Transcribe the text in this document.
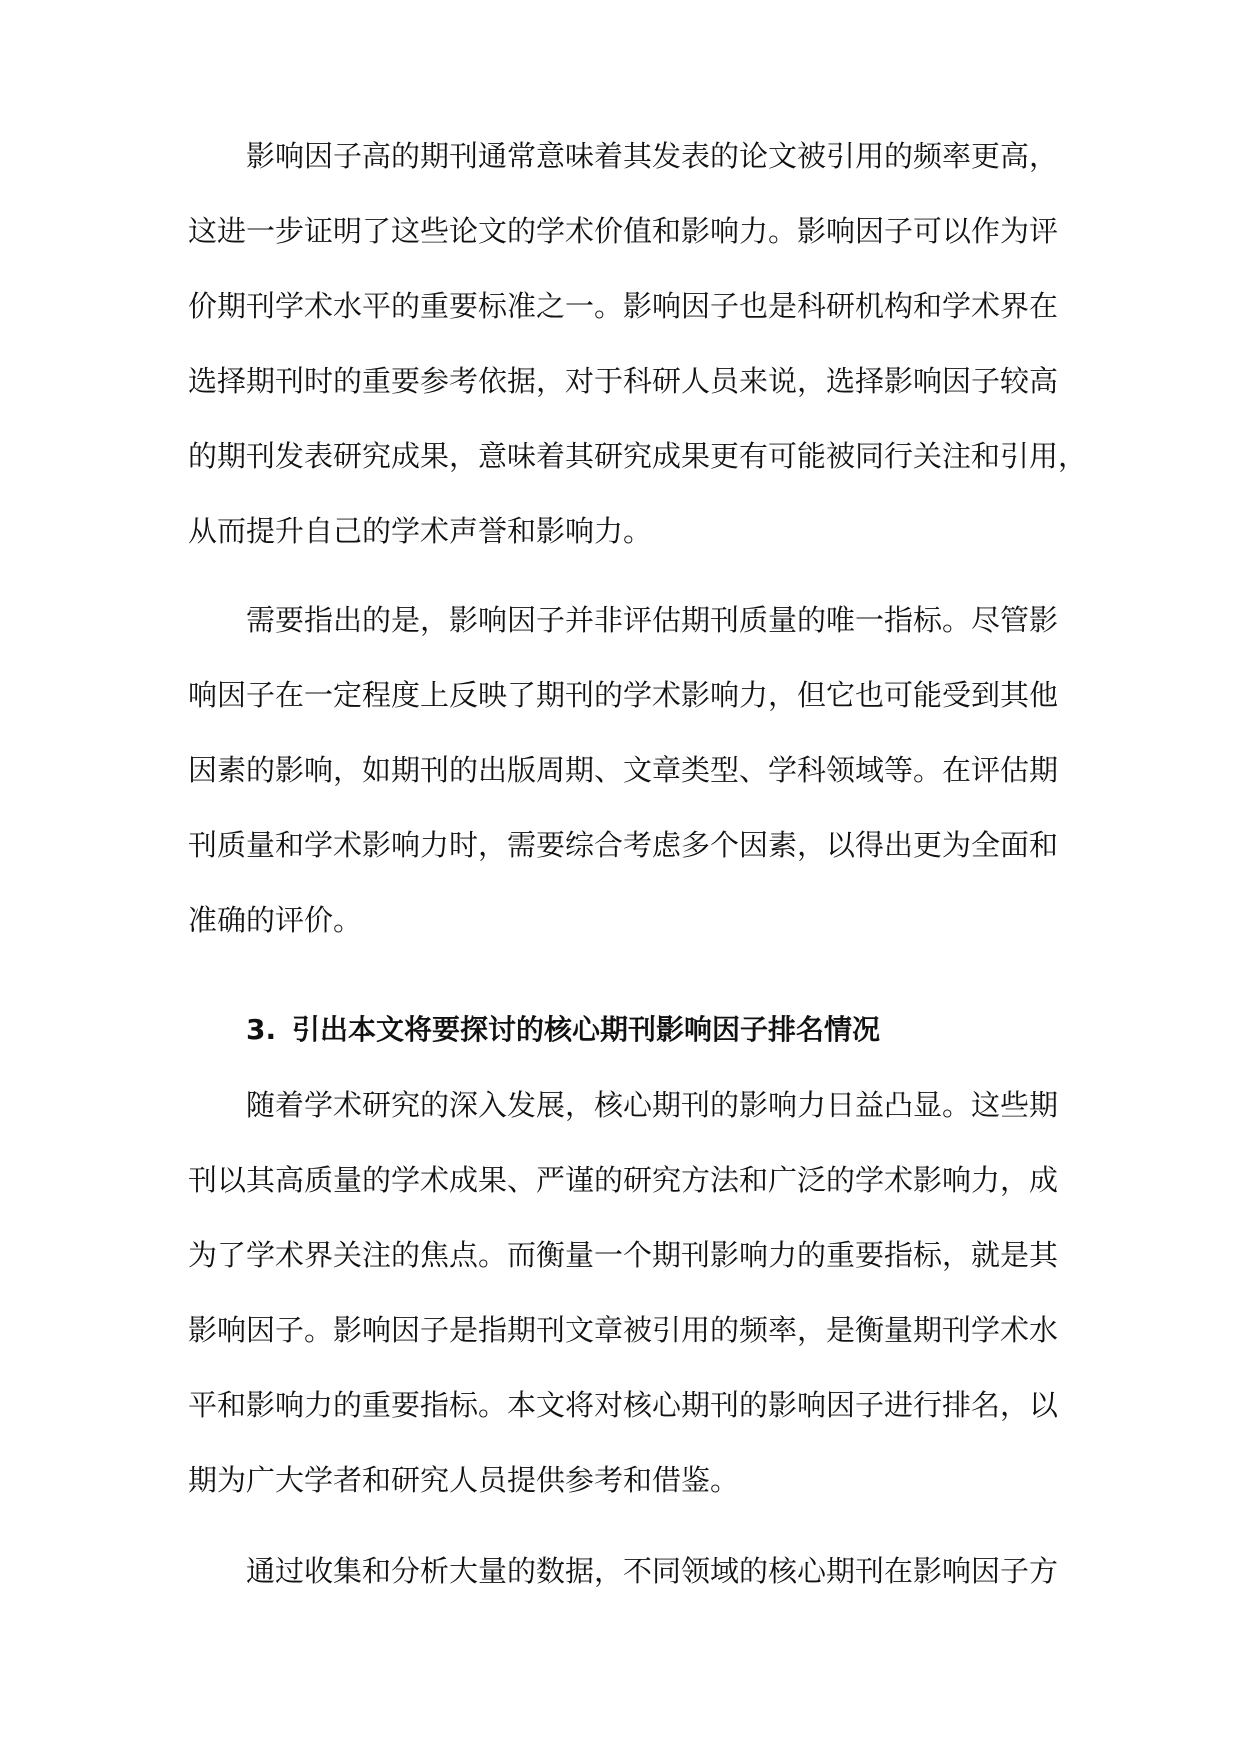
影响因子高的期刊通常意味着其发表的论文被引用的频率更高，
这进一步证明了这些论文的学术价值和影响力。影响因子可以作为评
价期刊学术水平的重要标准之一。影响因子也是科研机构和学术界在
选择期刊时的重要参考依据，对于科研人员来说，选择影响因子较高
的期刊发表研究成果，意味着其研究成果更有可能被同行关注和引用，
从而提升自己的学术声誉和影响力。
需要指出的是，影响因子并非评估期刊质量的唯一指标。尽管影
响因子在一定程度上反映了期刊的学术影响力，但它也可能受到其他
因素的影响，如期刊的出版周期、文章类型、学科领域等。在评估期
刊质量和学术影响力时，需要综合考虑多个因素，以得出更为全面和
准确的评价。
3. 引出本文将要探讨的核心期刊影响因子排名情况
随着学术研究的深入发展，核心期刊的影响力日益凸显。这些期
刊以其高质量的学术成果、严谨的研究方法和广泛的学术影响力，成
为了学术界关注的焦点。而衡量一个期刊影响力的重要指标，就是其
影响因子。影响因子是指期刊文章被引用的频率，是衡量期刊学术水
平和影响力的重要指标。本文将对核心期刊的影响因子进行排名，以
期为广大学者和研究人员提供参考和借鉴。
通过收集和分析大量的数据，不同领域的核心期刊在影响因子方
